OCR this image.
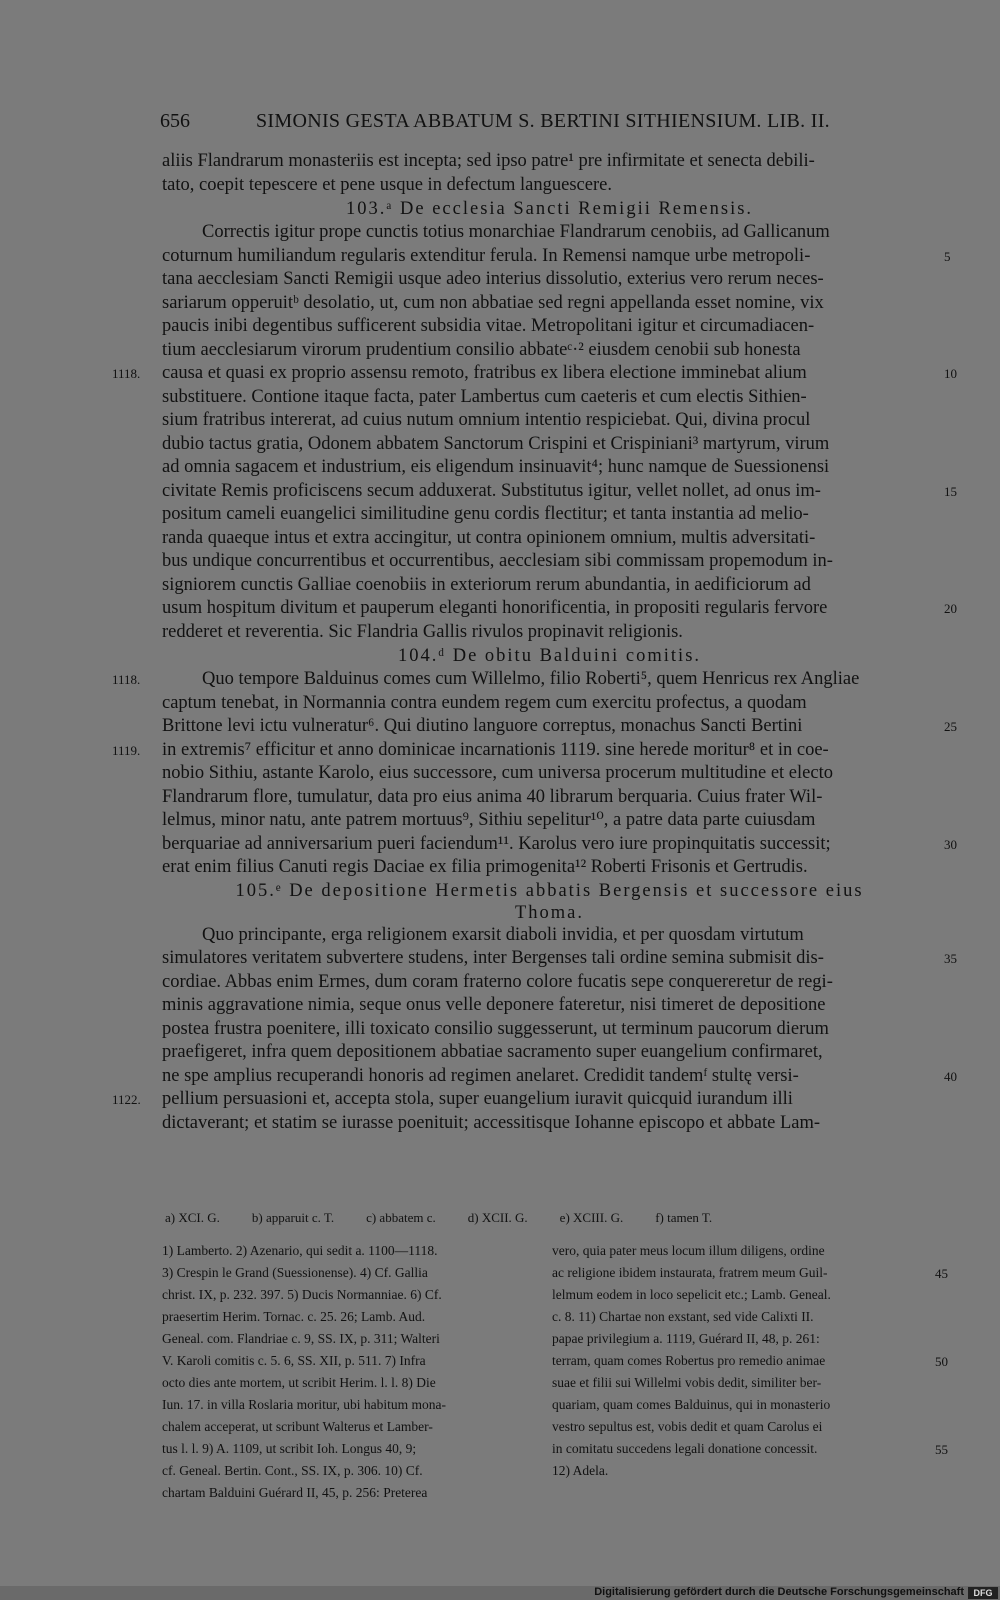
656	SIMONIS GESTA ABBATUM S. BERTINI SITHIENSIUM. LIB. II.
aliis Flandrarum monasteriis est incepta; sed ipso patre¹ pre infirmitate et senecta debili-
tato, coepit tepescere et pene usque in defectum languescere.
103.ᵃ De ecclesia Sancti Remigii Remensis.
Correctis igitur prope cunctis totius monarchiae Flandrarum cenobiis, ad Gallicanum
coturnum humiliandum regularis extenditur ferula. In Remensi namque urbe metropoli-	5
tana aecclesiam Sancti Remigii usque adeo interius dissolutio, exterius vero rerum neces-
sariarum opperuitᵇ desolatio, ut, cum non abbatiae sed regni appellanda esset nomine, vix
paucis inibi degentibus sufficerent subsidia vitae. Metropolitani igitur et circumadiacen-
tium aecclesiarum virorum prudentium consilio abbateᶜ·² eiusdem cenobii sub honesta
causa et quasi ex proprio assensu remoto, fratribus ex libera electione imminebat alium	10
1118.
substituere. Contione itaque facta, pater Lambertus cum caeteris et cum electis Sithien-
sium fratribus intererat, ad cuius nutum omnium intentio respiciebat. Qui, divina procul
dubio tactus gratia, Odonem abbatem Sanctorum Crispini et Crispiniani³ martyrum, virum
ad omnia sagacem et industrium, eis eligendum insinuavit⁴; hunc namque de Suessionensi
civitate Remis proficiscens secum adduxerat. Substitutus igitur, vellet nollet, ad onus im-	15
positum cameli euangelici similitudine genu cordis flectitur; et tanta instantia ad melio-
randa quaeque intus et extra accingitur, ut contra opinionem omnium, multis adversitati-
bus undique concurrentibus et occurrentibus, aecclesiam sibi commissam propemodum in-
signiorem cunctis Galliae coenobiis in exteriorum rerum abundantia, in aedificiorum ad
usum hospitum divitum et pauperum eleganti honorificentia, in propositi regularis fervore	20
redderet et reverentia. Sic Flandria Gallis rivulos propinavit religionis.
104.ᵈ De obitu Balduini comitis.
Quo tempore Balduinus comes cum Willelmo, filio Roberti⁵, quem Henricus rex Angliae
1118.
captum tenebat, in Normannia contra eundem regem cum exercitu profectus, a quodam
Brittone levi ictu vulneratur⁶. Qui diutino languore correptus, monachus Sancti Bertini	25
in extremis⁷ efficitur et anno dominicae incarnationis 1119. sine herede moritur⁸ et in coe-
1119.
nobio Sithiu, astante Karolo, eius successore, cum universa procerum multitudine et electo
Flandrarum flore, tumulatur, data pro eius anima 40 librarum berquaria. Cuius frater Wil-
lelmus, minor natu, ante patrem mortuus⁹, Sithiu sepelitur¹⁰, a patre data parte cuiusdam
berquariae ad anniversarium pueri faciendum¹¹. Karolus vero iure propinquitatis successit;	30
erat enim filius Canuti regis Daciae ex filia primogenita¹² Roberti Frisonis et Gertrudis.
105.ᵉ De depositione Hermetis abbatis Bergensis et successore eius
Thoma.
Quo principante, erga religionem exarsit diaboli invidia, et per quosdam virtutum
simulatores veritatem subvertere studens, inter Bergenses tali ordine semina submisit dis-	35
cordiae. Abbas enim Ermes, dum coram fraterno colore fucatis sepe conquereretur de regi-
minis aggravatione nimia, seque onus velle deponere fateretur, nisi timeret de depositione
postea frustra poenitere, illi toxicato consilio suggesserunt, ut terminum paucorum dierum
praefigeret, infra quem depositionem abbatiae sacramento super euangelium confirmaret,
ne spe amplius recuperandi honoris ad regimen anelaret. Credidit tandemᶠ stultę versi-	40
pellium persuasioni et, accepta stola, super euangelium iuravit quicquid iurandum illi
1122.
dictaverant; et statim se iurasse poenituit; accessitisque Iohanne episcopo et abbate Lam-
a) XCI. G. b) apparuit c. T. c) abbatem c. d) XCII. G. e) XCIII. G. f) tamen T.
1) Lamberto. 2) Azenario, qui sedit a. 1100—1118.
3) Crespin le Grand (Suessionense). 4) Cf. Gallia
christ. IX, p. 232. 397. 5) Ducis Normanniae. 6) Cf.
praesertim Herim. Tornac. c. 25. 26; Lamb. Aud.
Geneal. com. Flandriae c. 9, SS. IX, p. 311; Walteri
V. Karoli comitis c. 5. 6, SS. XII, p. 511. 7) Infra
octo dies ante mortem, ut scribit Herim. l. l. 8) Die
Iun. 17. in villa Roslaria moritur, ubi habitum mona-
chalem acceperat, ut scribunt Walterus et Lamber-
tus l. l. 9) A. 1109, ut scribit Ioh. Longus 40, 9;
cf. Geneal. Bertin. Cont., SS. IX, p. 306. 10) Cf.
chartam Balduini Guérard II, 45, p. 256: Preterea
vero, quia pater meus locum illum diligens, ordine
ac religione ibidem instaurata, fratrem meum Guil-
lelmum eodem in loco sepelicit etc.; Lamb. Geneal.
c. 8. 11) Chartae non exstant, sed vide Calixti II.
papae privilegium a. 1119, Guérard II, 48, p. 261:
terram, quam comes Robertus pro remedio animae
suae et filii sui Willelmi vobis dedit, similiter ber-
quariam, quam comes Balduinus, qui in monasterio
vestro sepultus est, vobis dedit et quam Carolus ei
in comitatu succedens legali donatione concessit.
12) Adela.
45
50
55
Digitalisierung gefördert durch die Deutsche Forschungsgemeinschaft	DFG
